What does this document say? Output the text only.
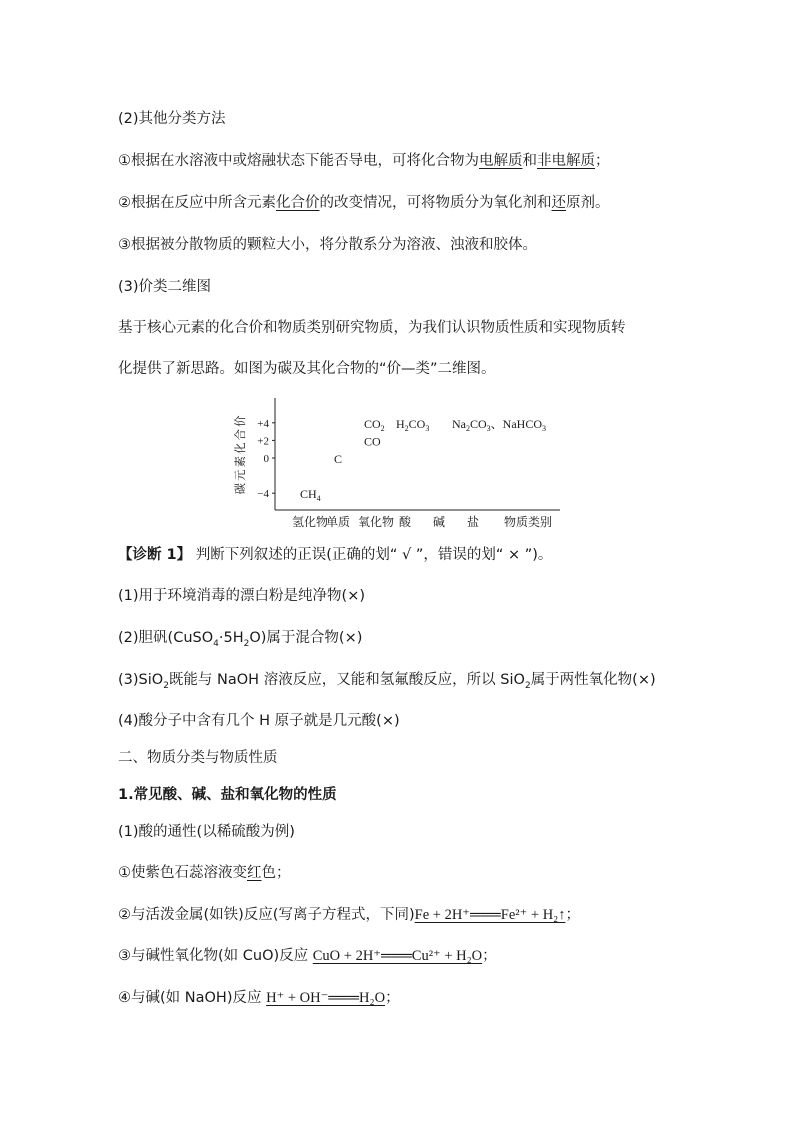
(2)其他分类方法
①根据在水溶液中或熔融状态下能否导电，可将化合物为电解质和非电解质；
②根据在反应中所含元素化合价的改变情况，可将物质分为氧化剂和还原剂。
③根据被分散物质的颗粒大小，将分散系分为溶液、浊液和胶体。
(3)价类二维图
基于核心元素的化合价和物质类别研究物质，为我们认识物质性质和实现物质转
化提供了新思路。如图为碳及其化合物的“价—类”二维图。
+4
+2
0
−4
碳元素化合价
氢化物
单质 氧化物 酸 碱 盐 物质类别
$CH_4$
C
CO
$CO_2$ $H_2CO_3$ $Na_2CO_3$、NaHCO$_3$
【诊断 1】 判断下列叙述的正误(正确的划“ √ ”，错误的划“ × ”)。
(1)用于环境消毒的漂白粉是纯净物(×)
(2)胆矾$(CuSO_4\cdot 5H_2O)$属于混合物(×)
(3)SiO$_2$既能与 NaOH 溶液反应，又能和氢氟酸反应，所以 SiO$_2$属于两性氧化物(×)
(4)酸分子中含有几个 H 原子就是几元酸(×)
二、物质分类与物质性质
1.常见酸、碱、盐和氧化物的性质
(1)酸的通性(以稀硫酸为例)
①使紫色石蕊溶液变红色；
②与活泼金属(如铁)反应(写离子方程式，下同)Fe + 2H⁺═══Fe²⁺ + H₂↑；
③与碱性氧化物(如 CuO)反应 CuO + 2H⁺═══Cu²⁺ + H₂O；
④与碱(如 NaOH)反应 H⁺ + OH⁻═══H₂O；
